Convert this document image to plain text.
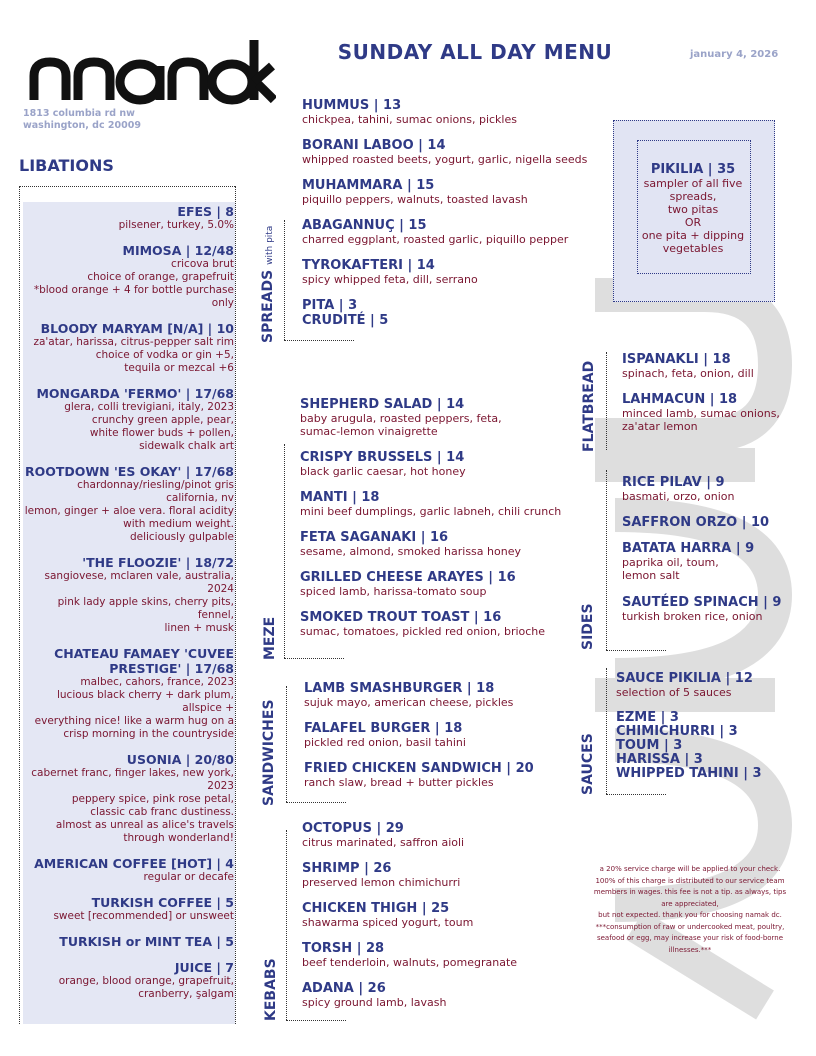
1813 columbia rd nw
washington, dc 20009
SUNDAY ALL DAY MENU	january 4, 2026
LIBATIONS
EFES | 8
pilsener, turkey, 5.0%
MIMOSA | 12/48
cricova brut
choice of orange, grapefruit
*blood orange + 4 for bottle purchase
only
BLOODY MARYAM [N/A] | 10
za'atar, harissa, citrus-pepper salt rim
choice of vodka or gin +5,
tequila or mezcal +6
MONGARDA 'FERMO' | 17/68
glera, colli trevigiani, italy, 2023
crunchy green apple, pear,
white flower buds + pollen,
sidewalk chalk art
ROOTDOWN 'ES OKAY' | 17/68
chardonnay/riesling/pinot gris
california, nv
lemon, ginger + aloe vera. floral acidity
with medium weight.
deliciously gulpable
'THE FLOOZIE' | 18/72
sangiovese, mclaren vale, australia,
2024
pink lady apple skins, cherry pits,
fennel,
linen + musk
CHATEAU FAMAEY 'CUVEE PRESTIGE' | 17/68
malbec, cahors, france, 2023
lucious black cherry + dark plum,
allspice +
everything nice! like a warm hug on a
crisp morning in the countryside
USONIA | 20/80
cabernet franc, finger lakes, new york,
2023
peppery spice, pink rose petal,
classic cab franc dustiness.
almost as unreal as alice's travels
through wonderland!
AMERICAN COFFEE [HOT] | 4
regular or decafe
TURKISH COFFEE | 5
sweet [recommended] or unsweet
TURKISH or MINT TEA | 5
JUICE | 7
orange, blood orange, grapefruit,
cranberry, şalgam
HUMMUS | 13
chickpea, tahini, sumac onions, pickles
BORANI LABOO | 14
whipped roasted beets, yogurt, garlic, nigella seeds
MUHAMMARA | 15
piquillo peppers, walnuts, toasted lavash
ABAGANNUÇ | 15
charred eggplant, roasted garlic, piquillo pepper
TYROKAFTERI | 14
spicy whipped feta, dill, serrano
PITA | 3
CRUDITÉ | 5
SPREADS with pita
PIKILIA | 35
sampler of all five
spreads,
two pitas
OR
one pita + dipping
vegetables
SHEPHERD SALAD | 14
baby arugula, roasted peppers, feta,
sumac-lemon vinaigrette
CRISPY BRUSSELS | 14
black garlic caesar, hot honey
MANTI | 18
mini beef dumplings, garlic labneh, chili crunch
FETA SAGANAKI | 16
sesame, almond, smoked harissa honey
GRILLED CHEESE ARAYES | 16
spiced lamb, harissa-tomato soup
SMOKED TROUT TOAST | 16
sumac, tomatoes, pickled red onion, brioche
MEZE
ISPANAKLI | 18
spinach, feta, onion, dill
LAHMACUN | 18
minced lamb, sumac onions,
za'atar lemon
FLATBREAD
RICE PILAV | 9
basmati, orzo, onion
SAFFRON ORZO | 10
BATATA HARRA | 9
paprika oil, toum,
lemon salt
SAUTÉED SPINACH | 9
turkish broken rice, onion
SIDES
LAMB SMASHBURGER | 18
sujuk mayo, american cheese, pickles
FALAFEL BURGER | 18
pickled red onion, basil tahini
FRIED CHICKEN SANDWICH | 20
ranch slaw, bread + butter pickles
SANDWICHES
SAUCE PIKILIA | 12
selection of 5 sauces
EZME | 3
CHIMICHURRI | 3
TOUM | 3
HARISSA | 3
WHIPPED TAHINI | 3
SAUCES
OCTOPUS | 29
citrus marinated, saffron aioli
SHRIMP | 26
preserved lemon chimichurri
CHICKEN THIGH | 25
shawarma spiced yogurt, toum
TORSH | 28
beef tenderloin, walnuts, pomegranate
ADANA | 26
spicy ground lamb, lavash
KEBABS
a 20% service charge will be applied to your check.
100% of this charge is distributed to our service team
members in wages. this fee is not a tip. as always, tips
are appreciated,
but not expected. thank you for choosing namak dc.
***consumption of raw or undercooked meat, poultry,
seafood or egg, may increase your risk of food-borne
illnesses.***
